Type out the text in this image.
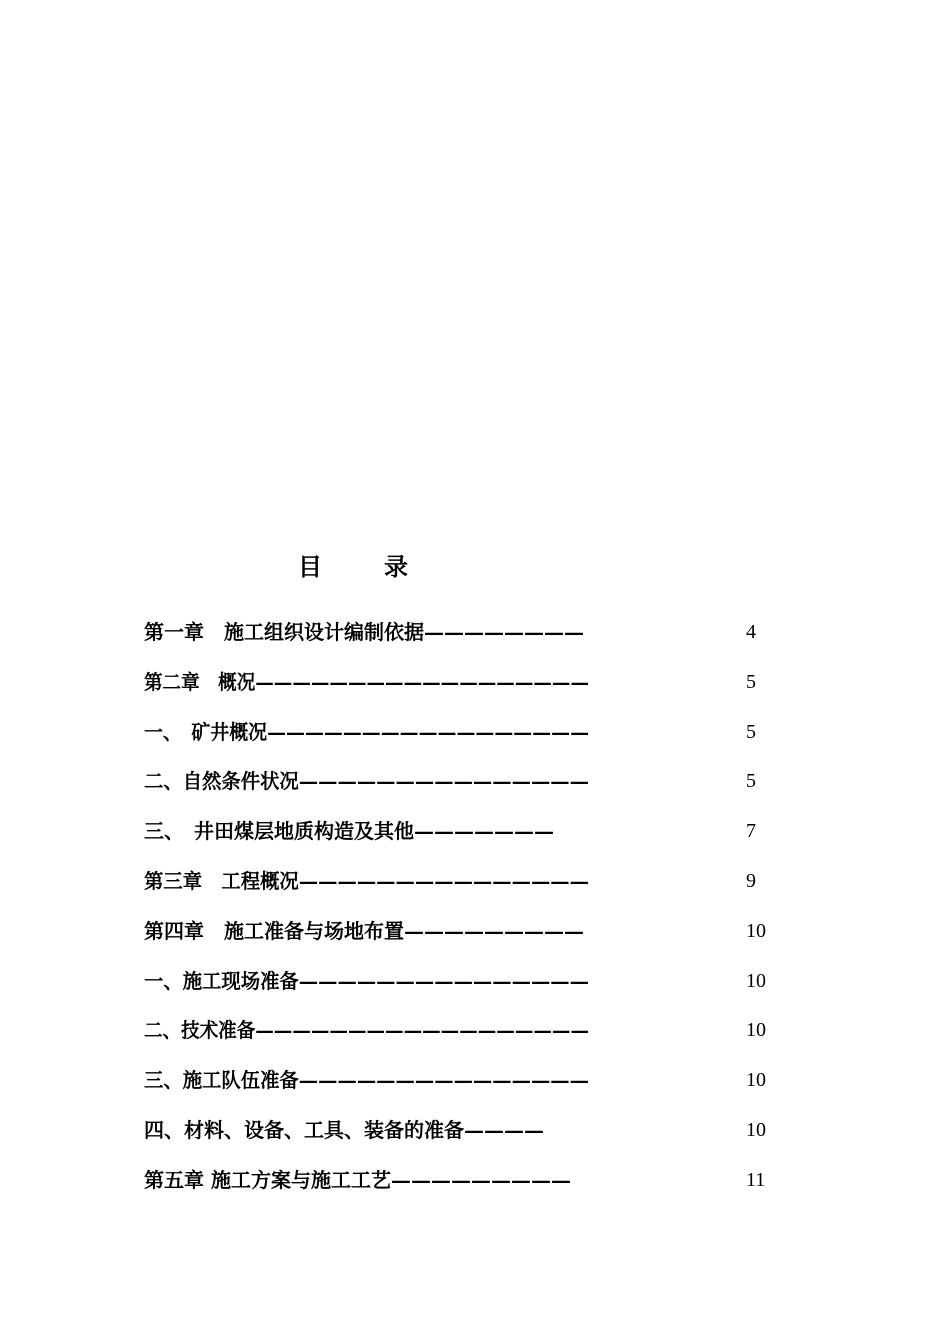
目	录
第一章　施工组织设计编制依据————————	4
第二章　概况——————————————————	5
一、　矿井概况—————————————————	5
二、自然条件状况———————————————	5
三、　井田煤层地质构造及其他———————	7
第三章　工程概况———————————————	9
第四章　施工准备与场地布置—————————	10
一、施工现场准备———————————————	10
二、技术准备——————————————————	10
三、施工队伍准备———————————————	10
四、材料、设备、工具、装备的准备————	10
第五章 施工方案与施工工艺—————————	11
